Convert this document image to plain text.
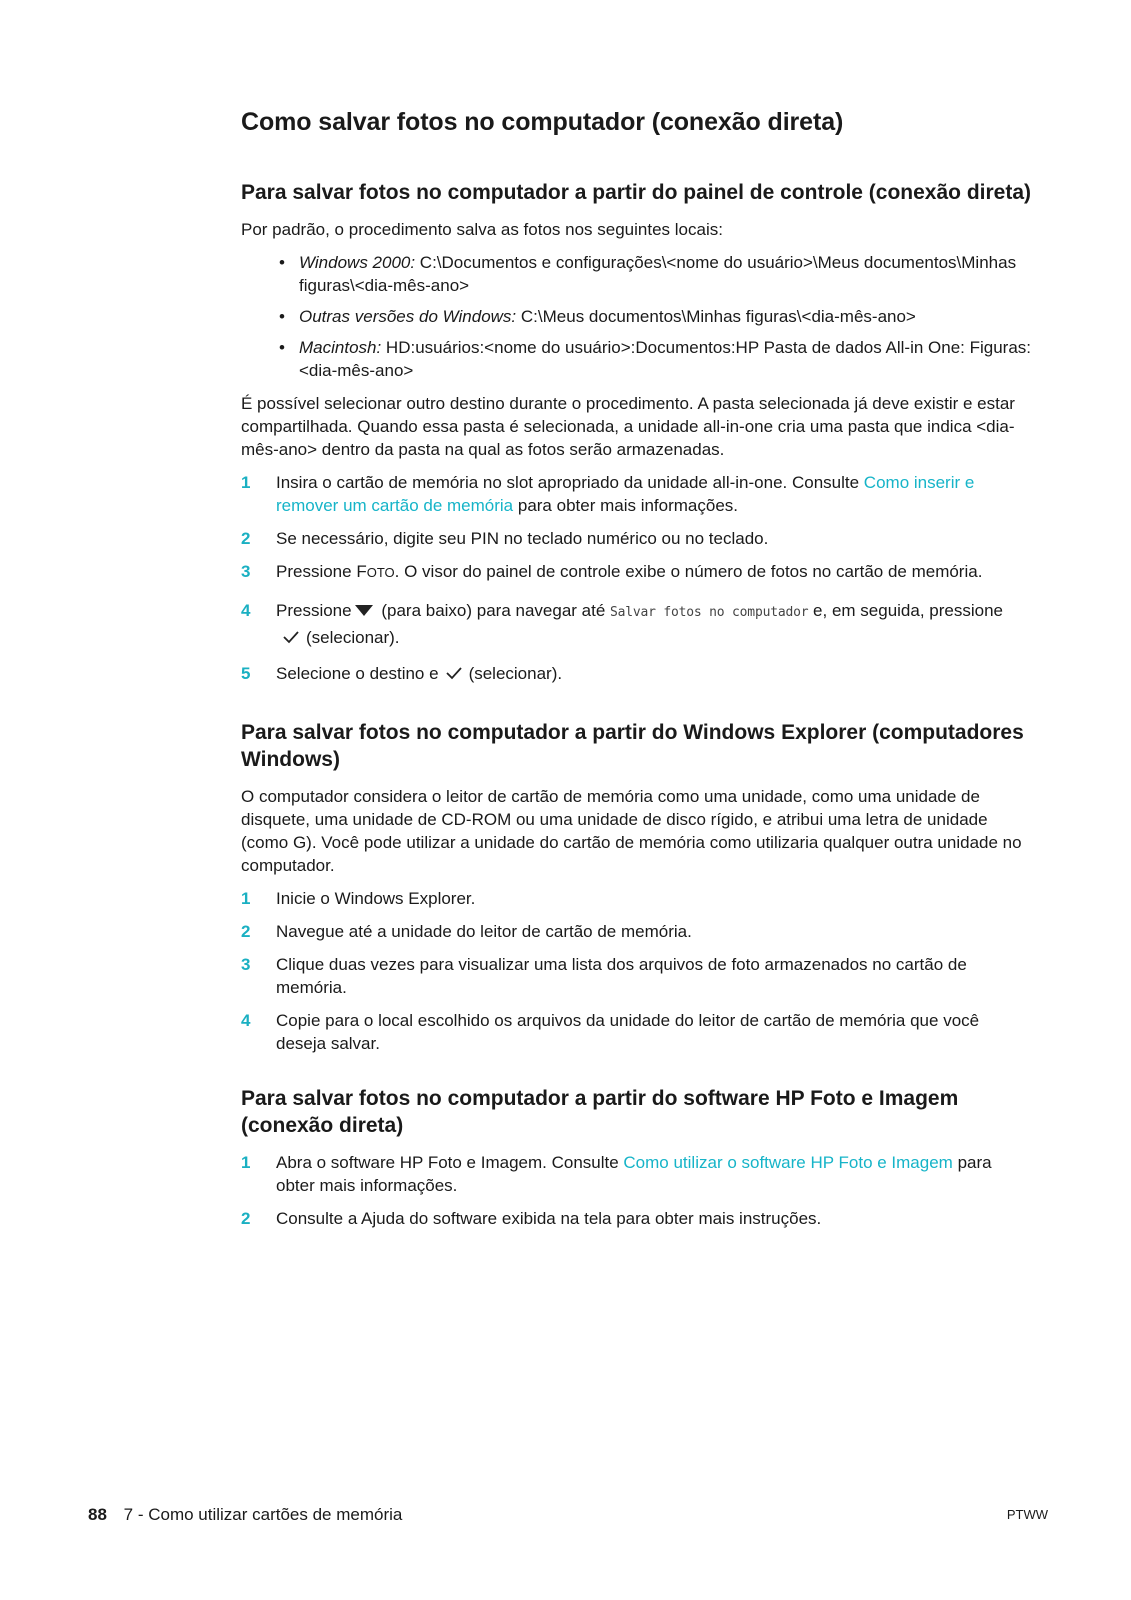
Como salvar fotos no computador (conexão direta)
Para salvar fotos no computador a partir do painel de controle (conexão direta)

Por padrão, o procedimento salva as fotos nos seguintes locais:

• Windows 2000: C:\Documentos e configurações\<nome do usuário>\Meus documentos\Minhas figuras\<dia-mês-ano>
• Outras versões do Windows: C:\Meus documentos\Minhas figuras\<dia-mês-ano>
• Macintosh: HD:usuários:<nome do usuário>:Documentos:HP Pasta de dados All-in One: Figuras:<dia-mês-ano>

É possível selecionar outro destino durante o procedimento. A pasta selecionada já deve existir e estar compartilhada. Quando essa pasta é selecionada, a unidade all-in-one cria uma pasta que indica <dia-mês-ano> dentro da pasta na qual as fotos serão armazenadas.

1 Insira o cartão de memória no slot apropriado da unidade all-in-one. Consulte Como inserir e remover um cartão de memória para obter mais informações.
2 Se necessário, digite seu PIN no teclado numérico ou no teclado.
3 Pressione FOTO. O visor do painel de controle exibe o número de fotos no cartão de memória.
4 Pressione (para baixo) para navegar até Salvar fotos no computador e, em seguida, pressione(selecionar).
5 Selecione o destino e (selecionar).
Para salvar fotos no computador a partir do Windows Explorer (computadores Windows)

O computador considera o leitor de cartão de memória como uma unidade, como uma unidade de disquete, uma unidade de CD-ROM ou uma unidade de disco rígido, e atribui uma letra de unidade (como G). Você pode utilizar a unidade do cartão de memória como utilizaria qualquer outra unidade no computador.

1 Inicie o Windows Explorer.
2 Navegue até a unidade do leitor de cartão de memória.
3 Clique duas vezes para visualizar uma lista dos arquivos de foto armazenados no cartão de memória.
4 Copie para o local escolhido os arquivos da unidade do leitor de cartão de memória que você deseja salvar.
Para salvar fotos no computador a partir do software HP Foto e Imagem (conexão direta)
1 Abra o software HP Foto e Imagem. Consulte Como utilizar o software HP Foto e Imagem para obter mais informações.
2 Consulte a Ajuda do software exibida na tela para obter mais instruções.
88 7 - Como utilizar cartões de memória	PTWW
